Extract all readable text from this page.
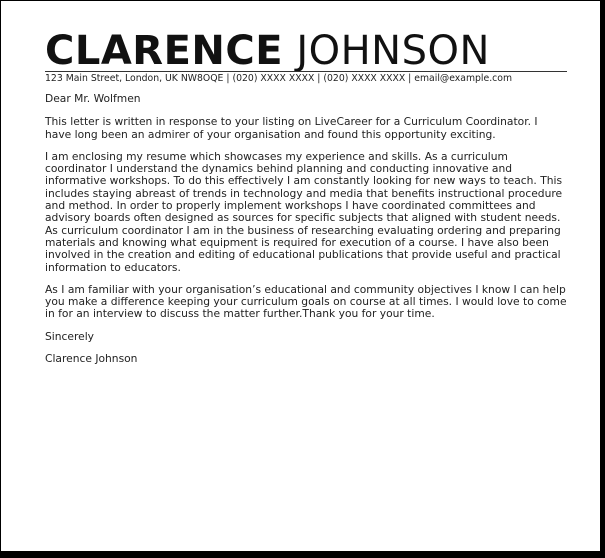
CLARENCE JOHNSON
123 Main Street, London, UK NW8OQE | (020) XXXX XXXX | (020) XXXX XXXX | email@example.com

Dear Mr. Wolfmen

This letter is written in response to your listing on LiveCareer for a Curriculum Coordinator. I have long been an admirer of your organisation and found this opportunity exciting.

I am enclosing my resume which showcases my experience and skills. As a curriculum coordinator I understand the dynamics behind planning and conducting innovative and informative workshops. To do this effectively I am constantly looking for new ways to teach. This includes staying abreast of trends in technology and media that benefits instructional procedure and method. In order to properly implement workshops I have coordinated committees and advisory boards often designed as sources for specific subjects that aligned with student needs. As curriculum coordinator I am in the business of researching evaluating ordering and preparing materials and knowing what equipment is required for execution of a course. I have also been involved in the creation and editing of educational publications that provide useful and practical information to educators.

As I am familiar with your organisation’s educational and community objectives I know I can help you make a difference keeping your curriculum goals on course at all times. I would love to come in for an interview to discuss the matter further.Thank you for your time.

Sincerely

Clarence Johnson
